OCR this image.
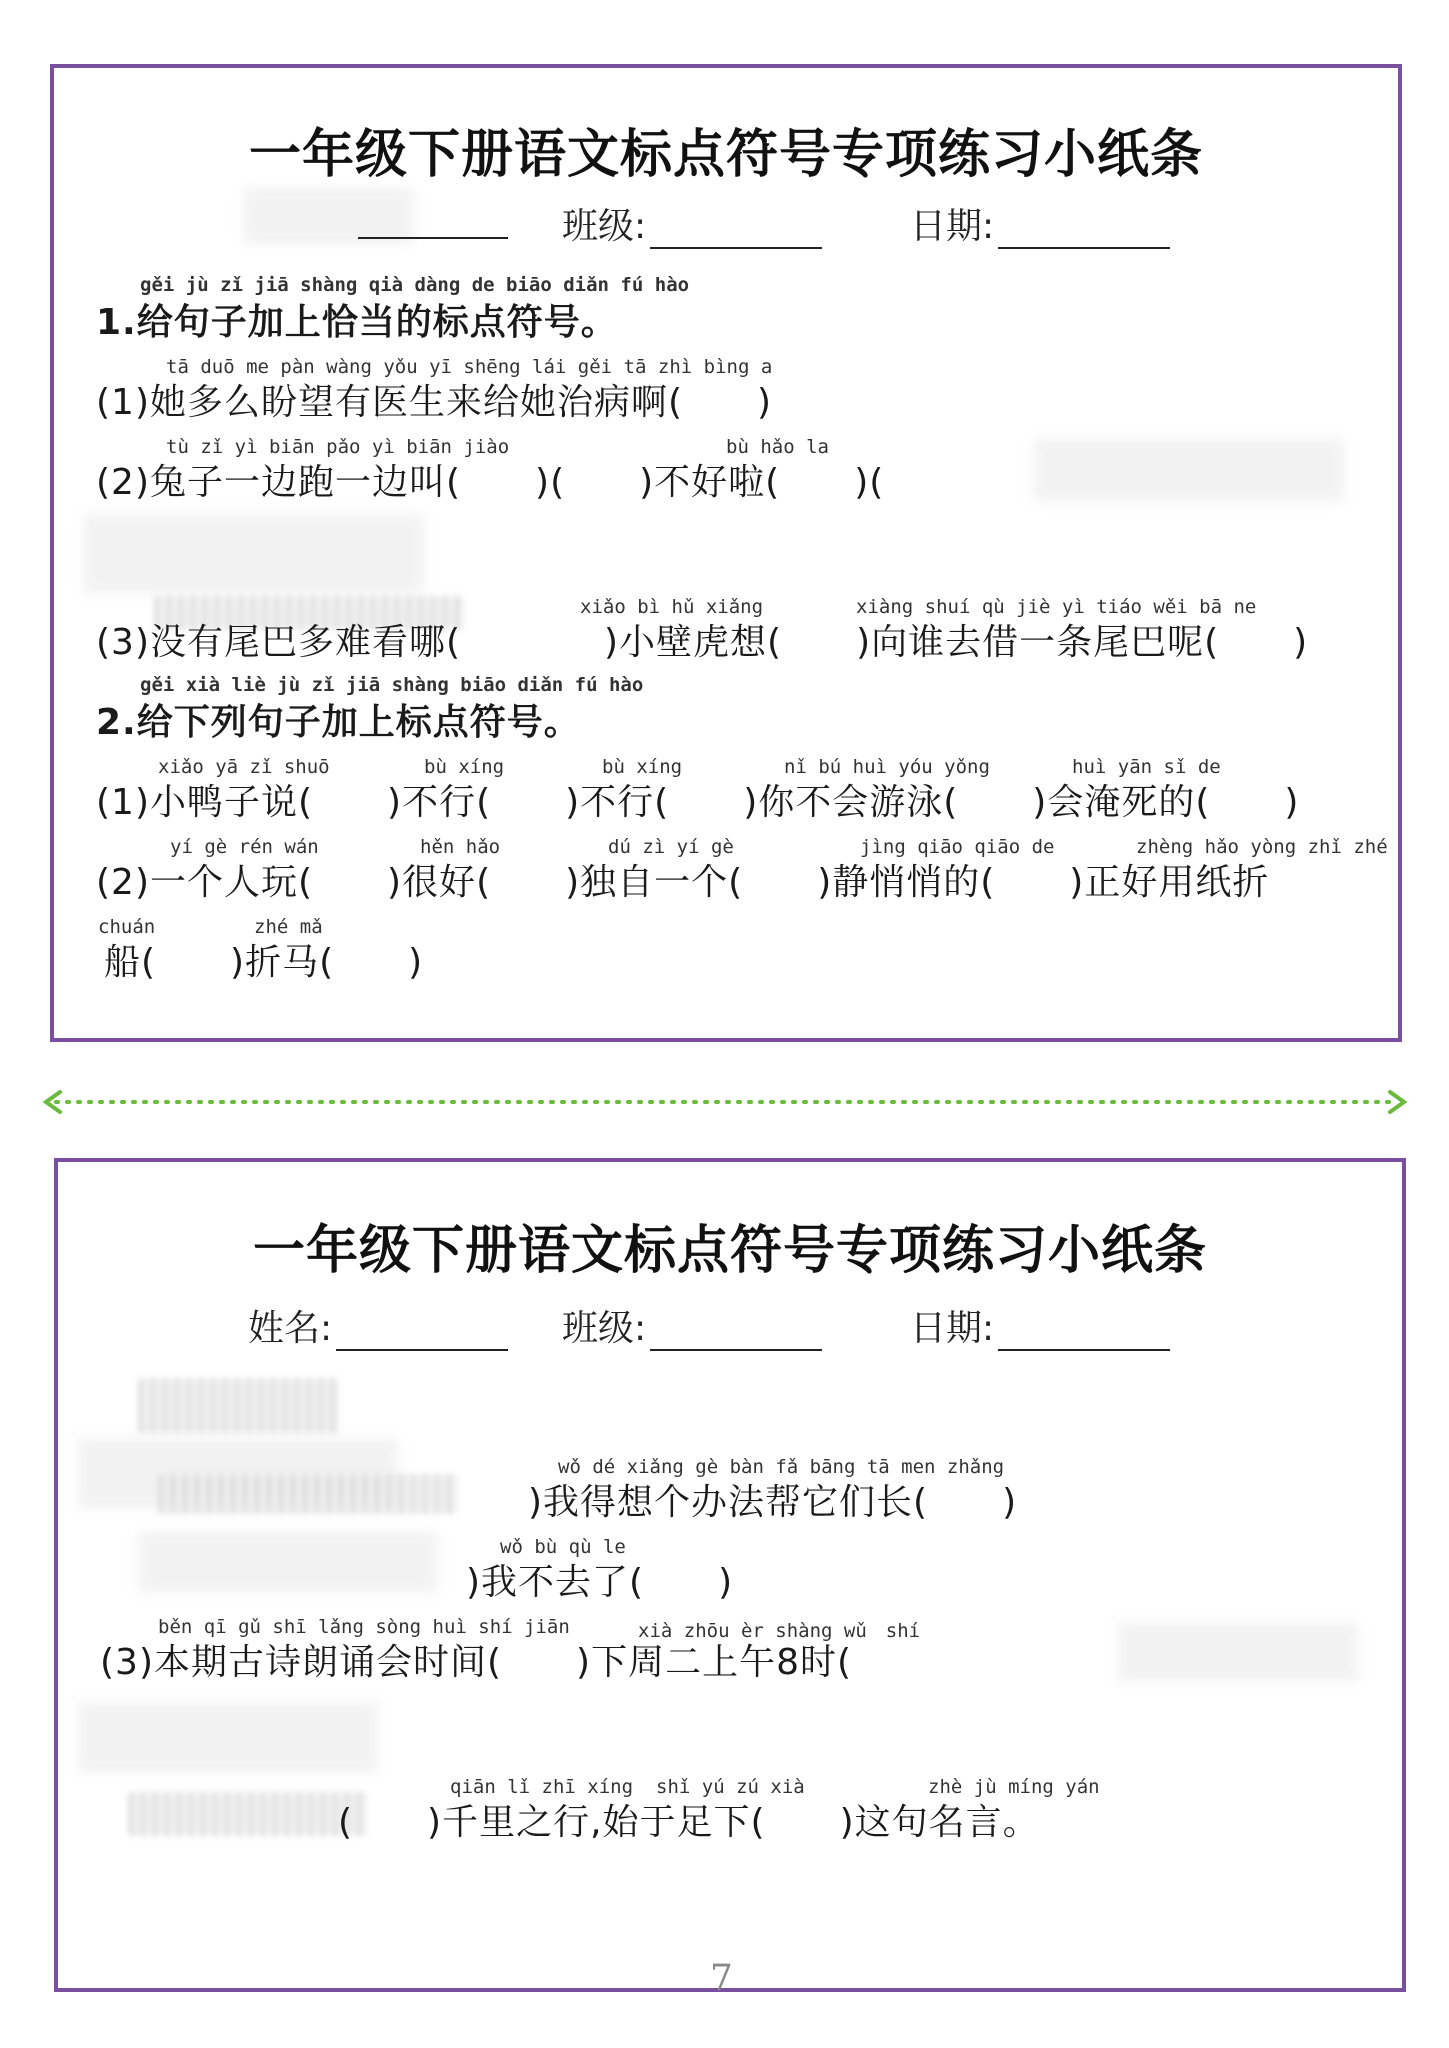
一年级下册语文标点符号专项练习小纸条
班级:	日期:
gěi jù zǐ jiā shàng qià dàng de biāo diǎn fú hào
1.给句子加上恰当的标点符号。
tā duō me pàn wàng yǒu yī shēng lái gěi tā zhì bìng a
(1)她多么盼望有医生来给她治病啊(　　)
tù zǐ yì biān pǎo yì biān jiào	bù hǎo la
(2)兔子一边跑一边叫(　　)(　　)不好啦(　　)(
xiǎo bì hǔ xiǎng	xiàng shuí qù jiè yì tiáo wěi bā ne
(3)没有尾巴多难看哪( 　　)小壁虎想(　　)向谁去借一条尾巴呢(　　)
gěi xià liè jù zǐ jiā shàng biāo diǎn fú hào
2.给下列句子加上标点符号。
xiǎo yā zǐ shuō	bù xíng	bù xíng	nǐ bú huì yóu yǒng	huì yān sǐ de
(1)小鸭子说(　　)不行(　　)不行(　　)你不会游泳(　　)会淹死的(　　)
yí gè rén wán	hěn hǎo	dú zì yí gè	jìng qiāo qiāo de	zhèng hǎo yòng zhǐ zhé
(2)一个人玩(　　)很好(　　)独自一个(　　)静悄悄的(　　)正好用纸折
chuán	zhé mǎ
船(　　)折马(　　)
一年级下册语文标点符号专项练习小纸条
姓名:	班级:	日期:
wǒ dé xiǎng gè bàn fǎ bāng tā men zhǎng
)我得想个办法帮它们长(　　)
wǒ bù qù le
)我不去了(　　)
běn qī gǔ shī lǎng sòng huì shí jiān	xià zhōu èr shàng wǔ　shí
(3)本期古诗朗诵会时间(　　)下周二上午8时(
qiān lǐ zhī xíng shǐ yú zú xià	zhè jù míng yán
(　　)千里之行,始于足下(　　)这句名言。
7
